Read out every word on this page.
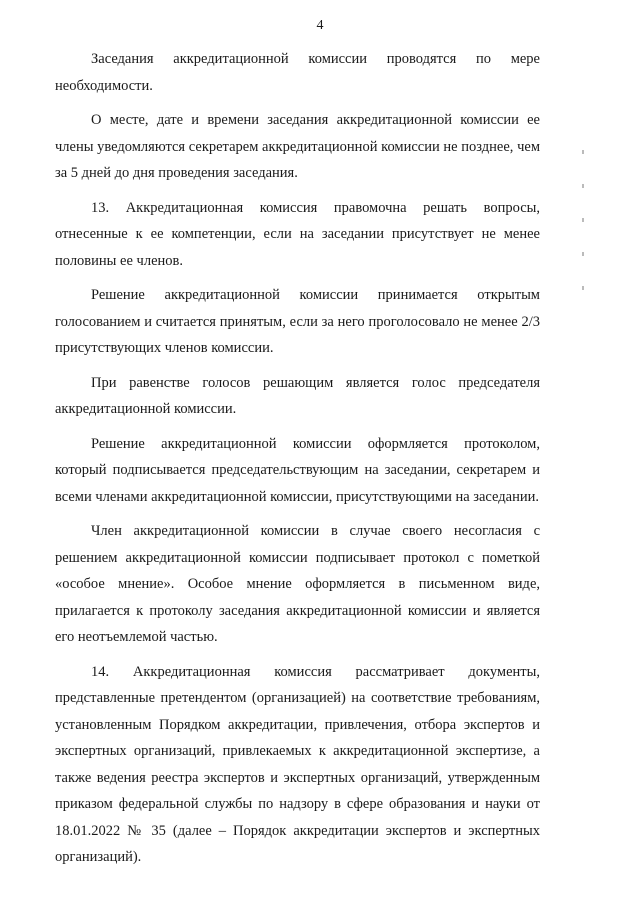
4

Заседания аккредитационной комиссии проводятся по мере необходимости.

О месте, дате и времени заседания аккредитационной комиссии ее члены уведомляются секретарем аккредитационной комиссии не позднее, чем за 5 дней до дня проведения заседания.

13. Аккредитационная комиссия правомочна решать вопросы, отнесенные к ее компетенции, если на заседании присутствует не менее половины ее членов.

Решение аккредитационной комиссии принимается открытым голосованием и считается принятым, если за него проголосовало не менее 2/3 присутствующих членов комиссии.

При равенстве голосов решающим является голос председателя аккредитационной комиссии.

Решение аккредитационной комиссии оформляется протоколом, который подписывается председательствующим на заседании, секретарем и всеми членами аккредитационной комиссии, присутствующими на заседании.

Член аккредитационной комиссии в случае своего несогласия с решением аккредитационной комиссии подписывает протокол с пометкой «особое мнение». Особое мнение оформляется в письменном виде, прилагается к протоколу заседания аккредитационной комиссии и является его неотъемлемой частью.

14. Аккредитационная комиссия рассматривает документы, представленные претендентом (организацией) на соответствие требованиям, установленным Порядком аккредитации, привлечения, отбора экспертов и экспертных организаций, привлекаемых к аккредитационной экспертизе, а также ведения реестра экспертов и экспертных организаций, утвержденным приказом федеральной службы по надзору в сфере образования и науки от 18.01.2022 № 35 (далее – Порядок аккредитации экспертов и экспертных организаций).
